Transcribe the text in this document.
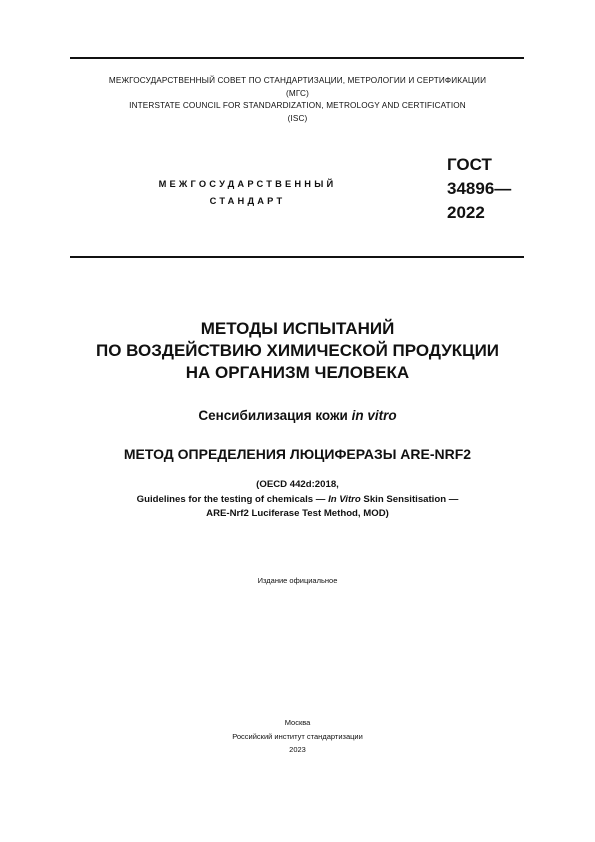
МЕЖГОСУДАРСТВЕННЫЙ СОВЕТ ПО СТАНДАРТИЗАЦИИ, МЕТРОЛОГИИ И СЕРТИФИКАЦИИ
(МГС)
INTERSTATE COUNCIL FOR STANDARDIZATION, METROLOGY AND CERTIFICATION
(ISC)
МЕЖГОСУДАРСТВЕННЫЙ
СТАНДАРТ
ГОСТ
34896—
2022
МЕТОДЫ ИСПЫТАНИЙ
ПО ВОЗДЕЙСТВИЮ ХИМИЧЕСКОЙ ПРОДУКЦИИ
НА ОРГАНИЗМ ЧЕЛОВЕКА
Сенсибилизация кожи in vitro
МЕТОД ОПРЕДЕЛЕНИЯ ЛЮЦИФЕРАЗЫ ARE-NRF2
(OECD 442d:2018,
Guidelines for the testing of chemicals — In Vitro Skin Sensitisation —
ARE-Nrf2 Luciferase Test Method, MOD)
Издание официальное
Москва
Российский институт стандартизации
2023
